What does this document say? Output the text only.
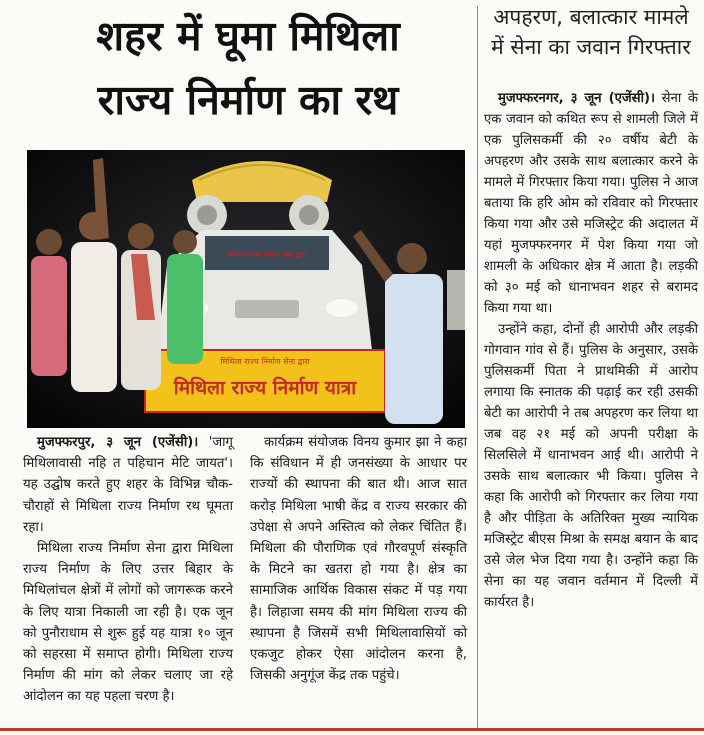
शहर में घूमा मिथिला
राज्य निर्माण का रथ
मिथिला राज्य निर्माण सेना द्वारा
मिथिला राज्य निर्माण सेना द्वारा
मिथिला राज्य निर्माण यात्रा

मुजफ्फरपुर, ३ जून (एजेंसी)। 'जागू मिथिलावासी नहि त पहिचान मेटि जायत'। यह उद्घोष करते हुए शहर के विभिन्न चौक-चौराहों से मिथिला राज्य निर्माण रथ घूमता रहा।

मिथिला राज्य निर्माण सेना द्वारा मिथिला राज्य निर्माण के लिए उत्तर बिहार के मिथिलांचल क्षेत्रों में लोगों को जागरूक करने के लिए यात्रा निकाली जा रही है। एक जून को पुनौराधाम से शुरू हुई यह यात्रा १० जून को सहरसा में समाप्त होगी। मिथिला राज्य निर्माण की मांग को लेकर चलाए जा रहे आंदोलन का यह पहला चरण है।

कार्यक्रम संयोजक विनय कुमार झा ने कहा कि संविधान में ही जनसंख्या के आधार पर राज्यों की स्थापना की बात थी। आज सात करोड़ मिथिला भाषी केंद्र व राज्य सरकार की उपेक्षा से अपने अस्तित्व को लेकर चिंतित हैं। मिथिला की पौराणिक एवं गौरवपूर्ण संस्कृति के मिटने का खतरा हो गया है। क्षेत्र का सामाजिक आर्थिक विकास संकट में पड़ गया है। लिहाजा समय की मांग मिथिला राज्य की स्थापना है जिसमें सभी मिथिलावासियों को एकजुट होकर ऐसा आंदोलन करना है, जिसकी अनुगूंज केंद्र तक पहुंचे।

अपहरण, बलात्कार मामले में सेना का जवान गिरफ्तार

मुजफ्फरनगर, ३ जून (एजेंसी)। सेना के एक जवान को कथित रूप से शामली जिले में एक पुलिसकर्मी की २० वर्षीय बेटी के अपहरण और उसके साथ बलात्कार करने के मामले में गिरफ्तार किया गया। पुलिस ने आज बताया कि हरि ओम को रविवार को गिरफ्तार किया गया और उसे मजिस्ट्रेट की अदालत में यहां मुजफ्फरनगर में पेश किया गया जो शामली के अधिकार क्षेत्र में आता है। लड़की को ३० मई को धानाभवन शहर से बरामद किया गया था।

उन्होंने कहा, दोनों ही आरोपी और लड़की गोगवान गांव से हैं। पुलिस के अनुसार, उसके पुलिसकर्मी पिता ने प्राथमिकी में आरोप लगाया कि स्नातक की पढ़ाई कर रही उसकी बेटी का आरोपी ने तब अपहरण कर लिया था जब वह २१ मई को अपनी परीक्षा के सिलसिले में धानाभवन आई थी। आरोपी ने उसके साथ बलात्कार भी किया। पुलिस ने कहा कि आरोपी को गिरफ्तार कर लिया गया है और पीड़िता के अतिरिक्त मुख्य न्यायिक मजिस्ट्रेट बीएस मिश्रा के समक्ष बयान के बाद उसे जेल भेज दिया गया है। उन्होंने कहा कि सेना का यह जवान वर्तमान में दिल्ली में कार्यरत है।
